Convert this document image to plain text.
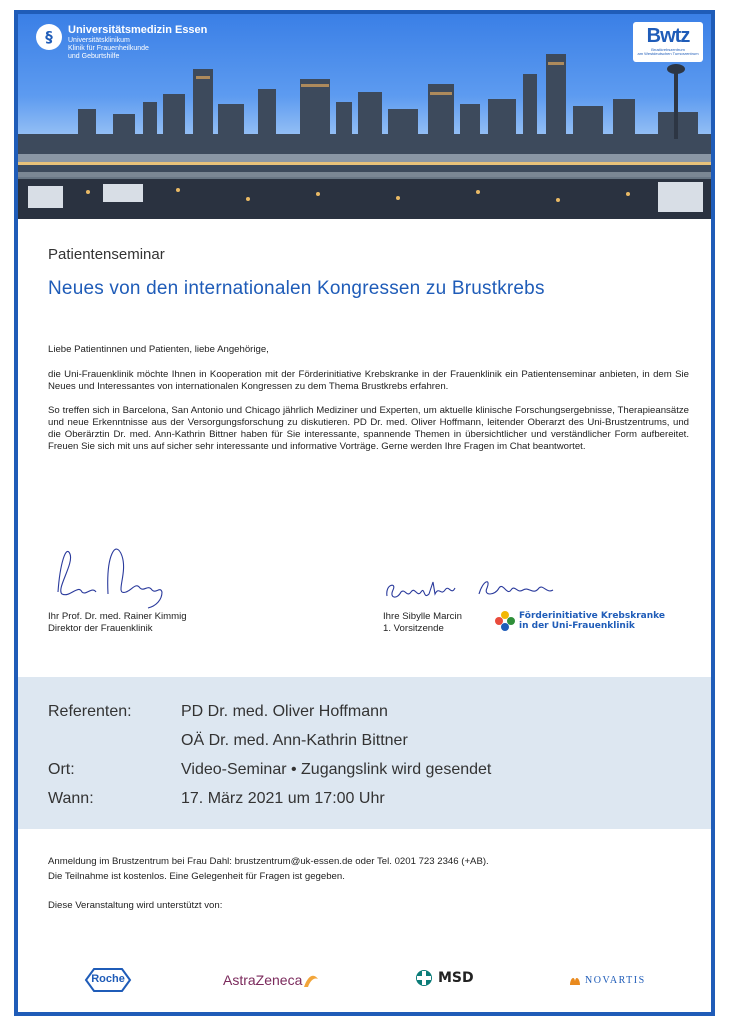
§	Universitätsmedizin Essen
Universitätsklinikum
Klinik für Frauenheilkunde
und Geburtshilfe
Bwtz
Brustkrebszentrum
am Westdeutschen Tumorzentrum
Patientenseminar
Neues von den internationalen Kongressen zu Brustkrebs

Liebe Patientinnen und Patienten, liebe Angehörige,

die Uni-Frauenklinik möchte Ihnen in Kooperation mit der Förderinitiative Krebskranke in der Frauenklinik ein Patientenseminar anbieten, in dem Sie Neues und Interessantes von internationalen Kongressen zu dem Thema Brustkrebs erfahren.

So treffen sich in Barcelona, San Antonio und Chicago jährlich Mediziner und Experten, um aktuelle klinische Forschungsergebnisse, Therapieansätze und neue Erkenntnisse aus der Versorgungsforschung zu diskutieren. PD Dr. med. Oliver Hoffmann, leitender Oberarzt des Uni-Brustzentrums, und die Oberärztin Dr. med. Ann-Kathrin Bittner haben für Sie interessante, spannende Themen in übersichtlicher und verständlicher Form aufbereitet. Freuen Sie sich mit uns auf sicher sehr interessante und informative Vorträge. Gerne werden Ihre Fragen im Chat beantwortet.

Ihr Prof. Dr. med. Rainer Kimmig
Direktor der Frauenklinik
Ihre Sibylle Marcin
1. Vorsitzende
Förderinitiative Krebskranke
in der Uni-Frauenklinik
Referenten:	PD Dr. med. Oliver Hoffmann
OÄ Dr. med. Ann-Kathrin Bittner
Ort:	Video-Seminar • Zugangslink wird gesendet
Wann:	17. März 2021 um 17:00 Uhr
Anmeldung im Brustzentrum bei Frau Dahl: brustzentrum@uk-essen.de oder Tel. 0201 723 2346 (+AB).
Die Teilnahme ist kostenlos. Eine Gelegenheit für Fragen ist gegeben.
Diese Veranstaltung wird unterstützt von:
Roche	AstraZeneca	MSD	NOVARTIS
